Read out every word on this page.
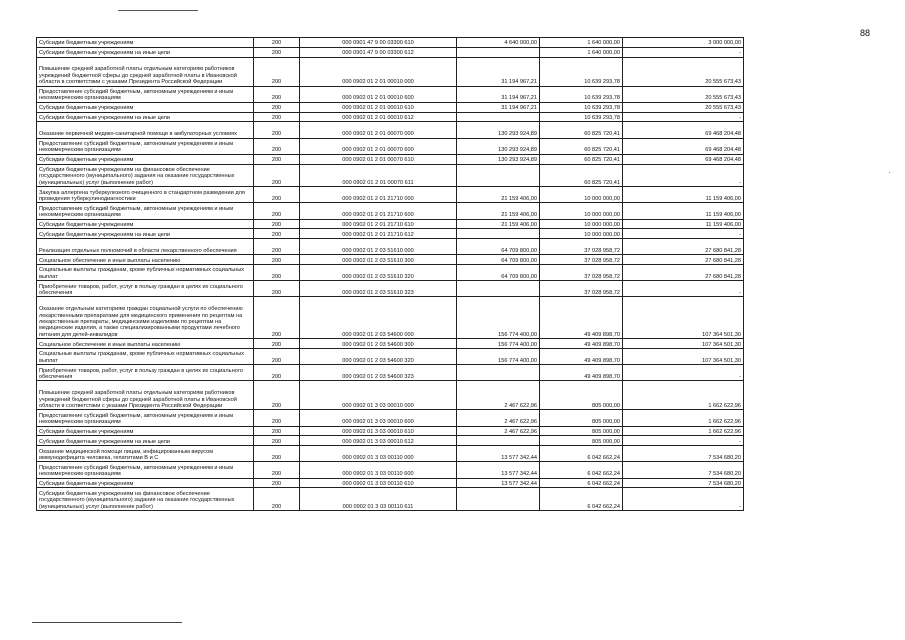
88
·
Субсидии бюджетным учреждениям	200	000 0901 47 9 00 03300 610	4 640 000,00	1 640 000,00	3 000 000,00
Субсидии бюджетным учреждениям на иные цели	200	000 0901 47 9 00 03300 612		1 640 000,00	-
Повышение средней заработной платы отдельным категориям работников учреждений бюджетной сферы до средней заработной платы в Ивановской области в соответствии с указами Президента Российской Федерации	200	000 0902 01 2 01 00010 000	31 194 967,21	10 639 293,78	20 555 673,43
Предоставление субсидий бюджетным, автономным учреждениям и иным некоммерческим организациям	200	000 0902 01 2 01 00010 600	31 194 967,21	10 639 293,78	20 555 673,43
Субсидии бюджетным учреждениям	200	000 0902 01 2 01 00010 610	31 194 967,21	10 639 293,78	20 555 673,43
Субсидии бюджетным учреждениям на иные цели	200	000 0902 01 2 01 00010 612		10 639 293,78	-
Оказание первичной медико-санитарной помощи в амбулаторных условиях	200	000 0902 01 2 01 00070 000	130 293 924,89	60 825 720,41	69 468 204,48
Предоставление субсидий бюджетным, автономным учреждениям и иным некоммерческим организациям	200	000 0902 01 2 01 00070 600	130 293 924,89	60 825 720,41	69 468 204,48
Субсидии бюджетным учреждениям	200	000 0902 01 2 01 00070 610	130 293 924,89	60 825 720,41	69 468 204,48
Субсидии бюджетным учреждениям на финансовое обеспечение государственного (муниципального) задания на оказание государственных (муниципальных) услуг (выполнение работ)	200	000 0902 01 2 01 00070 611		60 825 720,41	-
Закупка аллергена туберкулезного очищенного в стандартном разведении для проведения туберкулинодиагностики	200	000 0902 01 2 01 21710 000	21 159 406,00	10 000 000,00	11 159 406,00
Предоставление субсидий бюджетным, автономным учреждениям и иным некоммерческим организациям	200	000 0902 01 2 01 21710 600	21 159 406,00	10 000 000,00	11 159 406,00
Субсидии бюджетным учреждениям	200	000 0902 01 2 01 21710 610	21 159 406,00	10 000 000,00	11 159 406,00
Субсидии бюджетным учреждениям на иные цели	200	000 0902 01 2 01 21710 612		10 000 000,00	-
Реализация отдельных полномочий в области лекарственного обеспечения	200	000 0902 01 2 03 51610 000	64 709 800,00	37 028 958,72	27 680 841,28
Социальное обеспечение и иные выплаты населению	200	000 0902 01 2 03 51610 300	64 709 800,00	37 028 958,72	27 680 841,28
Социальные выплаты гражданам, кроме публичных нормативных социальных выплат	200	000 0902 01 2 03 51610 320	64 709 800,00	37 028 958,72	27 680 841,28
Приобретение товаров, работ, услуг в пользу граждан в целях их социального обеспечения	200	000 0902 01 2 03 51610 323		37 028 958,72	-
Оказание отдельным категориям граждан социальной услуги по обеспечению лекарственными препаратами для медицинского применения по рецептам на лекарственные препараты, медицинскими изделиями по рецептам на медицинские изделия, а также специализированными продуктами лечебного питания для детей-инвалидов	200	000 0902 01 2 03 54600 000	156 774 400,00	49 409 898,70	107 364 501,30
Социальное обеспечение и иные выплаты населению	200	000 0902 01 2 03 54600 300	156 774 400,00	49 409 898,70	107 364 501,30
Социальные выплаты гражданам, кроме публичных нормативных социальных выплат	200	000 0902 01 2 03 54600 320	156 774 400,00	49 409 898,70	107 364 501,30
Приобретение товаров, работ, услуг в пользу граждан в целях их социального обеспечения	200	000 0902 01 2 03 54600 323		49 409 898,70	-
Повышение средней заработной платы отдельным категориям работников учреждений бюджетной сферы до средней заработной платы в Ивановской области в соответствии с указами Президента Российской Федерации	200	000 0902 01 3 03 00010 000	2 467 622,96	805 000,00	1 662 622,96
Предоставление субсидий бюджетным, автономным учреждениям и иным некоммерческим организациям	200	000 0902 01 3 03 00010 600	2 467 622,96	805 000,00	1 662 622,96
Субсидии бюджетным учреждениям	200	000 0902 01 3 03 00010 610	2 467 622,96	805 000,00	1 662 622,96
Субсидии бюджетным учреждениям на иные цели	200	000 0902 01 3 03 00010 612		805 000,00	-
Оказание медицинской помощи лицам, инфицированным вирусом иммунодефицита человека, гепатитами B и C	200	000 0902 01 3 03 00110 000	13 577 342,44	6 042 662,24	7 534 680,20
Предоставление субсидий бюджетным, автономным учреждениям и иным некоммерческим организациям	200	000 0902 01 3 03 00110 600	13 577 342,44	6 042 662,24	7 534 680,20
Субсидии бюджетным учреждениям	200	000 0902 01 3 03 00110 610	13 577 342,44	6 042 662,24	7 534 680,20
Субсидии бюджетным учреждениям на финансовое обеспечение государственного (муниципального) задания на оказание государственных (муниципальных) услуг (выполнение работ)	200	000 0902 01 3 03 00110 611		6 042 662,24	-
